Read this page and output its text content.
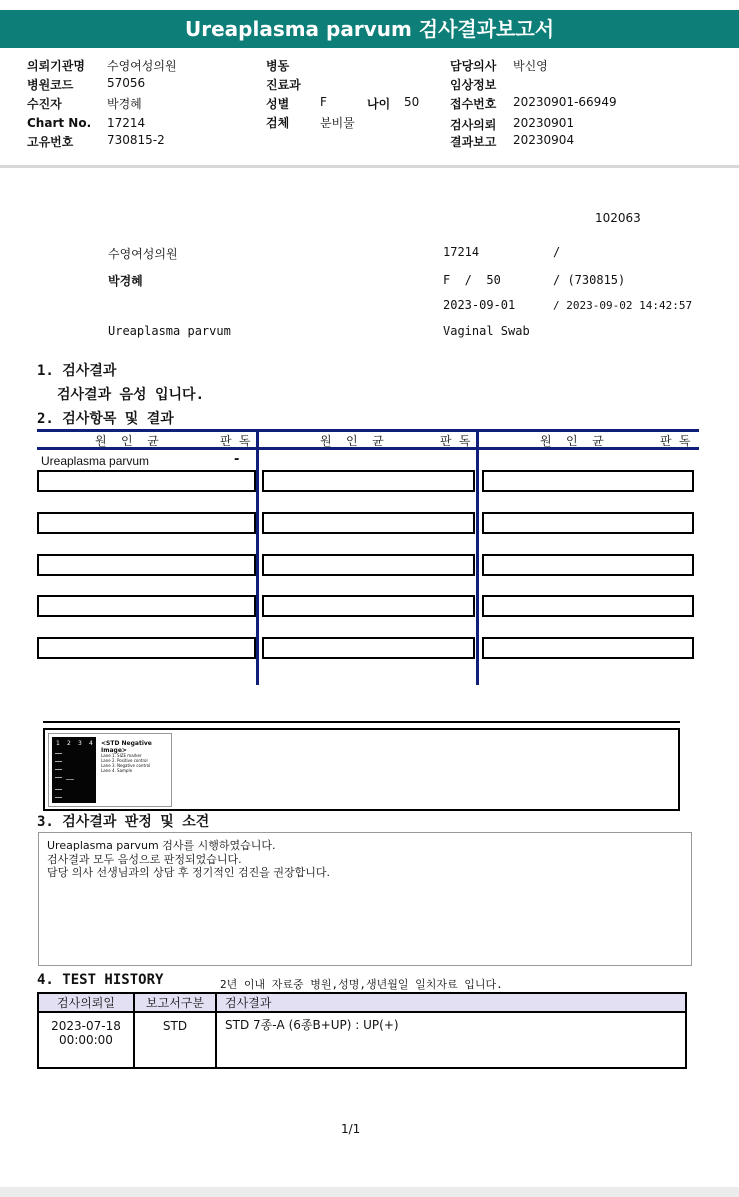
Ureaplasma parvum 검사결과보고서
의뢰기관명 수영여성의원
병원코드	57056
수진자	박경혜
Chart No. 17214
고유번호	730815-2
병동
진료과
성별	F	나이 50
검체	분비물
담당의사 박신영
임상정보
접수번호 20230901-66949
검사의뢰 20230901
결과보고 20230904
102063
수영여성의원	17214	/
박경혜	F  /  50	/ (730815)
2023-09-01	/ 2023-09-02 14:42:57
Ureaplasma parvum	Vaginal Swab
1. 검사결과
검사결과 음성 입니다.
2. 검사항목 및 결과
원  인  균	판 독	원  인  균	판 독	원  인  균	판 독
Ureaplasma parvum	-
1 2 3 4 <STD Negative Image>
Lane 1. SIZE marker
Lane 2. Positive control
Lane 3. Negative control
Lane 4. Sample
3. 검사결과 판정 및 소견
Ureaplasma parvum 검사를 시행하였습니다.
검사결과 모두 음성으로 판정되었습니다.
담당 의사 선생님과의 상담 후 정기적인 검진을 권장합니다.
4. TEST HISTORY	2년 이내 자료중 병원,성명,생년월일 일치자료 입니다.
검사의뢰일	보고서구분	검사결과

2023-07-18
00:00:00	STD	STD 7종-A (6종B+UP) : UP(+)
1/1
